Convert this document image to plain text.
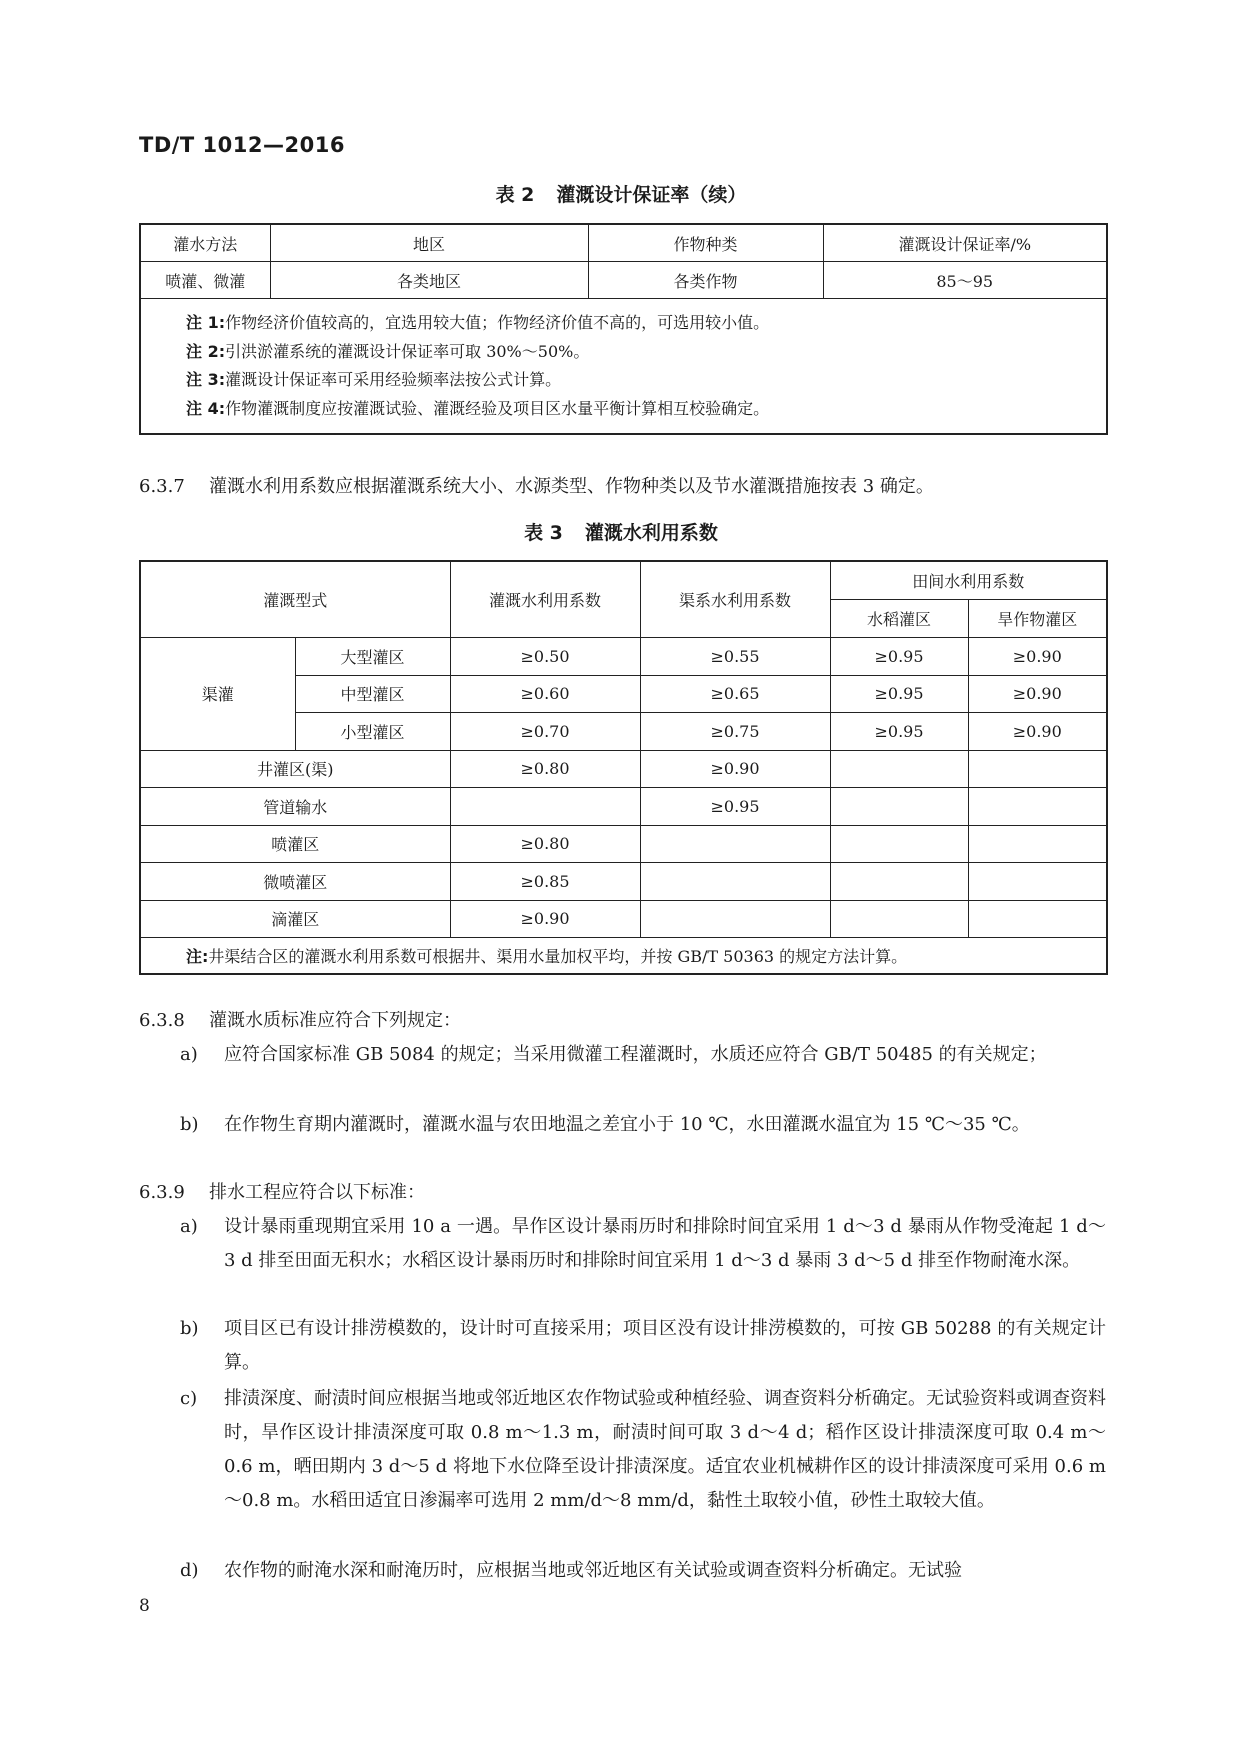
TD/T 1012—2016
表 2 灌溉设计保证率（续）
灌水方法	地区	作物种类	灌溉设计保证率/%
喷灌、微灌	各类地区	各类作物	85～95

注 1:作物经济价值较高的，宜选用较大值；作物经济价值不高的，可选用较小值。
注 2:引洪淤灌系统的灌溉设计保证率可取 30%～50%。
注 3:灌溉设计保证率可采用经验频率法按公式计算。
注 4:作物灌溉制度应按灌溉试验、灌溉经验及项目区水量平衡计算相互校验确定。			
6.3.7 灌溉水利用系数应根据灌溉系统大小、水源类型、作物种类以及节水灌溉措施按表 3 确定。
表 3 灌溉水利用系数
灌溉型式		灌溉水利用系数	渠系水利用系数	田间水利用系数	
				水稻灌区	旱作物灌区
渠灌	大型灌区	≥0.50	≥0.55	≥0.95	≥0.90
	中型灌区	≥0.60	≥0.65	≥0.95	≥0.90
	小型灌区	≥0.70	≥0.75	≥0.95	≥0.90
井灌区(渠)		≥0.80	≥0.90		
管道输水			≥0.95		
喷灌区		≥0.80			
微喷灌区		≥0.85			
滴灌区		≥0.90			
注:井渠结合区的灌溉水利用系数可根据井、渠用水量加权平均，并按 GB/T 50363 的规定方法计算。					
6.3.8 灌溉水质标准应符合下列规定：
a) 应符合国家标准 GB 5084 的规定；当采用微灌工程灌溉时，水质还应符合 GB/T 50485 的有关规定；
b) 在作物生育期内灌溉时，灌溉水温与农田地温之差宜小于 10 ℃，水田灌溉水温宜为 15 ℃～35 ℃。
6.3.9 排水工程应符合以下标准：
a) 设计暴雨重现期宜采用 10 a 一遇。旱作区设计暴雨历时和排除时间宜采用 1 d～3 d 暴雨从作物受淹起 1 d～3 d 排至田面无积水；水稻区设计暴雨历时和排除时间宜采用 1 d～3 d 暴雨 3 d～5 d 排至作物耐淹水深。
b) 项目区已有设计排涝模数的，设计时可直接采用；项目区没有设计排涝模数的，可按 GB 50288 的有关规定计算。
c) 排渍深度、耐渍时间应根据当地或邻近地区农作物试验或种植经验、调查资料分析确定。无试验资料或调查资料时，旱作区设计排渍深度可取 0.8 m～1.3 m，耐渍时间可取 3 d～4 d；稻作区设计排渍深度可取 0.4 m～0.6 m，晒田期内 3 d～5 d 将地下水位降至设计排渍深度。适宜农业机械耕作区的设计排渍深度可采用 0.6 m～0.8 m。水稻田适宜日渗漏率可选用 2 mm/d～8 mm/d，黏性土取较小值，砂性土取较大值。
d) 农作物的耐淹水深和耐淹历时，应根据当地或邻近地区有关试验或调查资料分析确定。无试验
8
